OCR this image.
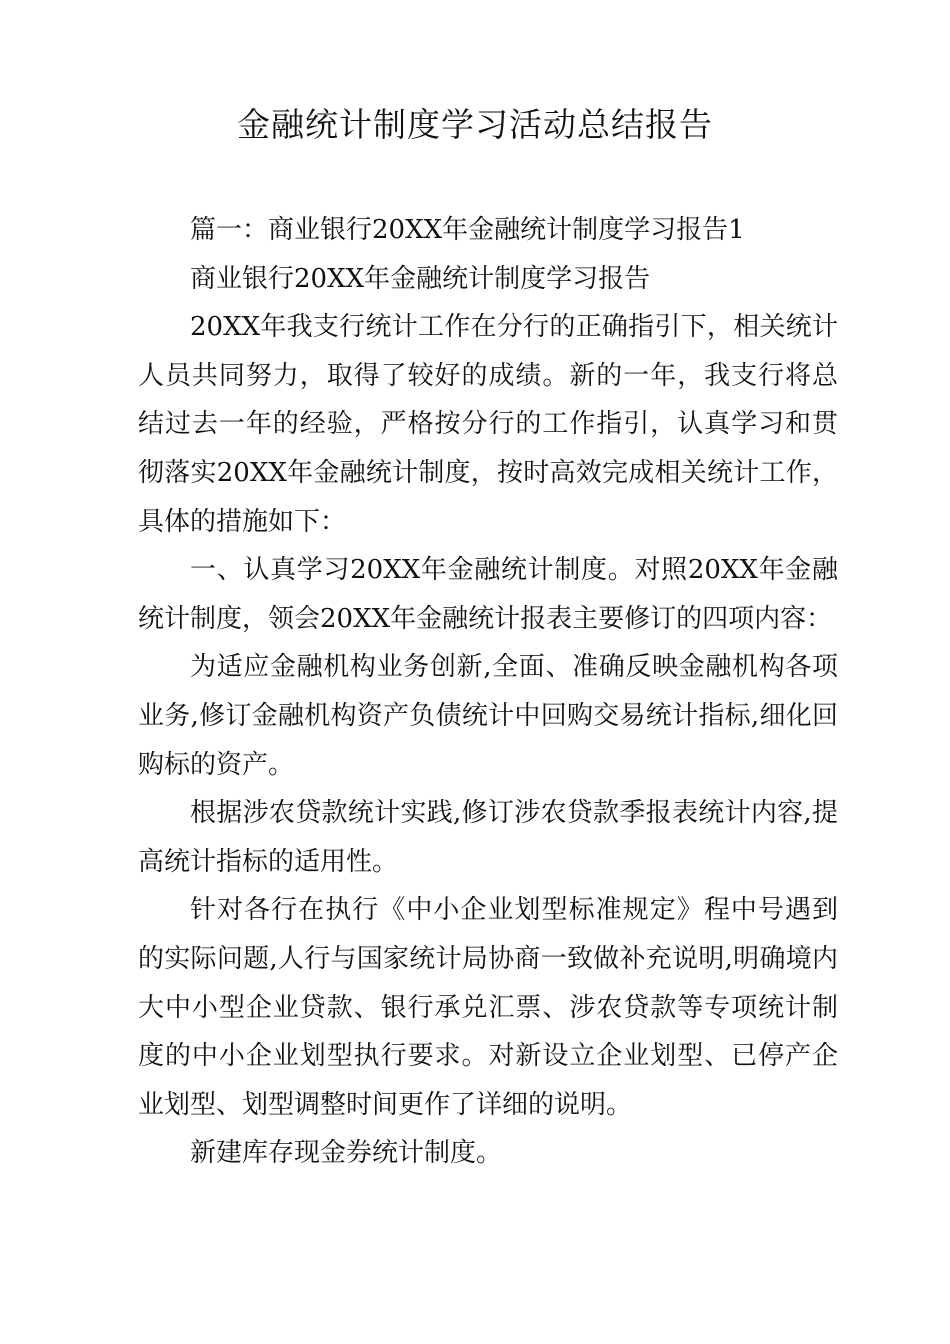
金融统计制度学习活动总结报告

篇一：商业银行20XX年金融统计制度学习报告1

商业银行20XX年金融统计制度学习报告

20XX年我支行统计工作在分行的正确指引下，相关统计人员共同努力，取得了较好的成绩。新的一年，我支行将总结过去一年的经验，严格按分行的工作指引，认真学习和贯彻落实20XX年金融统计制度，按时高效完成相关统计工作，具体的措施如下：

一、认真学习20XX年金融统计制度。对照20XX年金融统计制度，领会20XX年金融统计报表主要修订的四项内容：

为适应金融机构业务创新,全面、准确反映金融机构各项业务,修订金融机构资产负债统计中回购交易统计指标,细化回购标的资产。

根据涉农贷款统计实践,修订涉农贷款季报表统计内容,提高统计指标的适用性。

针对各行在执行《中小企业划型标准规定》程中号遇到的实际问题,人行与国家统计局协商一致做补充说明,明确境内大中小型企业贷款、银行承兑汇票、涉农贷款等专项统计制度的中小企业划型执行要求。对新设立企业划型、已停产企业划型、划型调整时间更作了详细的说明。

新建库存现金券统计制度。
